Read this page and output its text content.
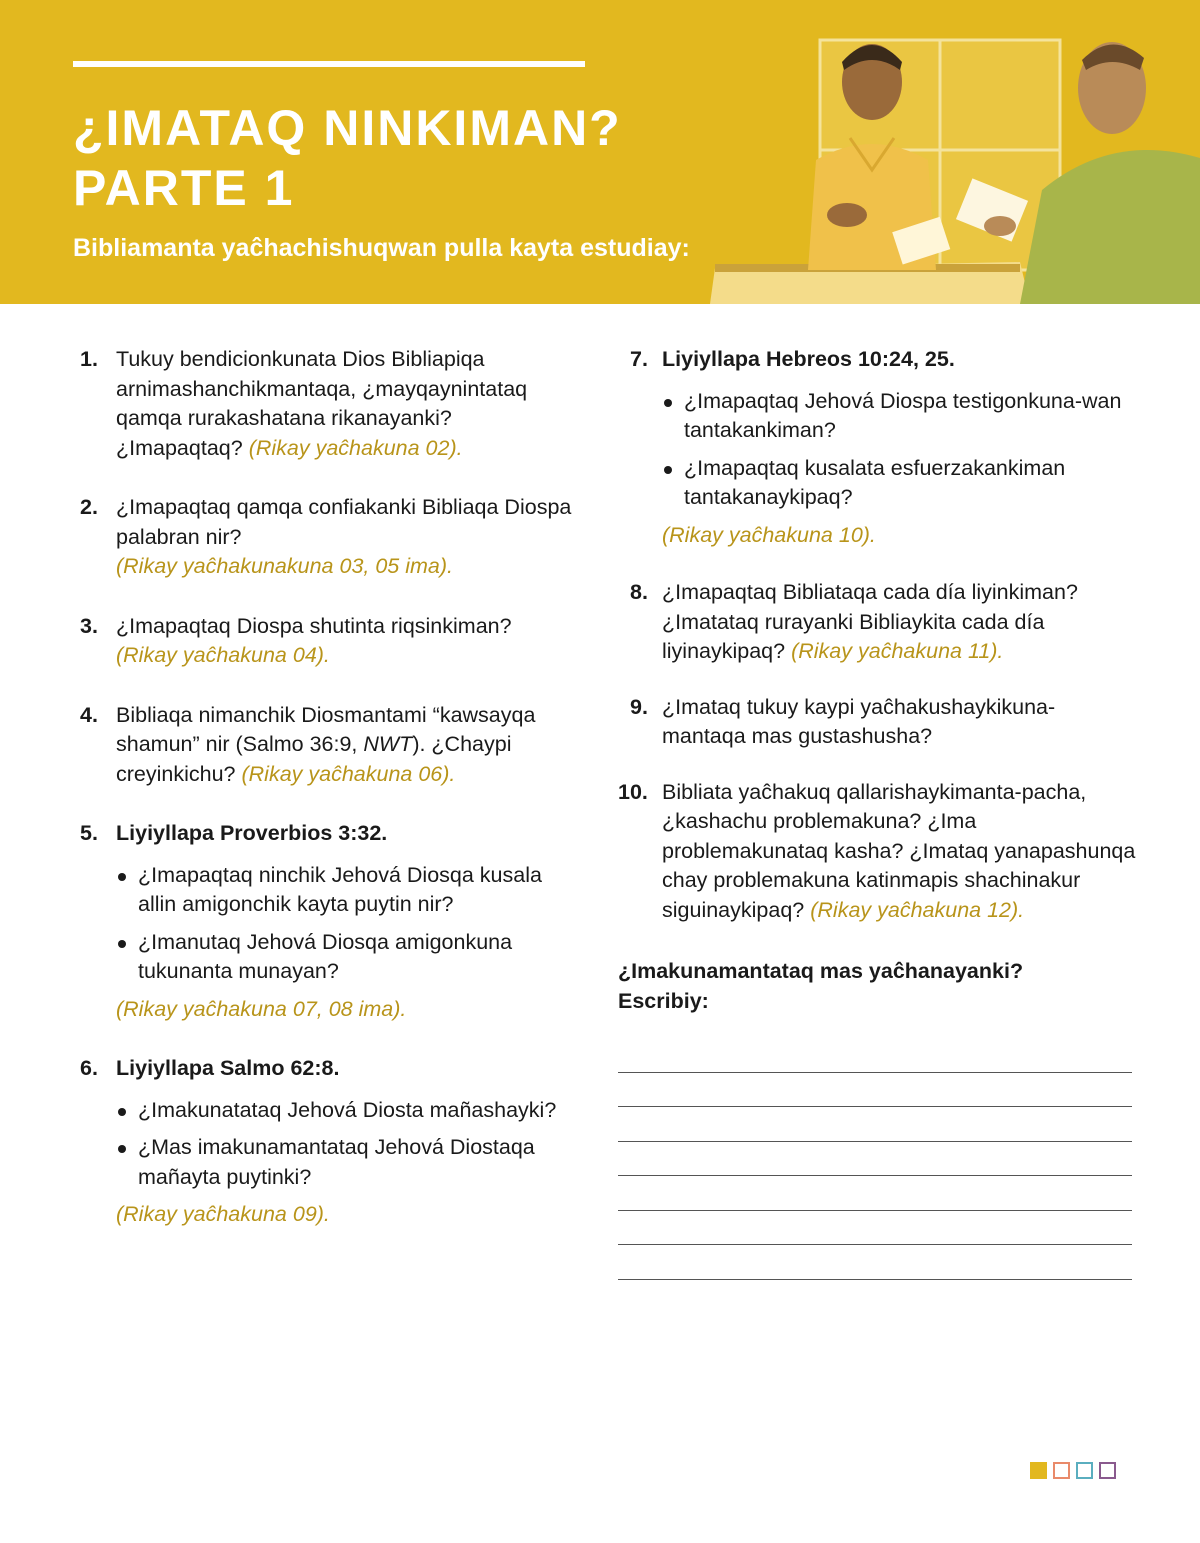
¿IMATAQ NINKIMAN?
PARTE 1

Bibliamanta yaĉhachishuqwan pulla kayta estudiay:

1. Tukuy bendicionkunata Dios Bibliapiqa arnimashanchikmantaqa, ¿mayqaynintataq qamqa rurakashatana rikanayanki? ¿Imapaqtaq? (Rikay yaĉhakuna 02).
2. ¿Imapaqtaq qamqa confiakanki Bibliaqa Diospa palabran nir?
(Rikay yaĉhakunakuna 03, 05 ima).
3. ¿Imapaqtaq Diospa shutinta riqsinkiman?
(Rikay yaĉhakuna 04).
4. Bibliaqa nimanchik Diosmantami “kawsayqa shamun” nir (Salmo 36:9, NWT). ¿Chaypi creyinkichu? (Rikay yaĉhakuna 06).
5. Liyiyllapa Proverbios 3:32.
¿Imapaqtaq ninchik Jehová Diosqa kusala allin amigonchik kayta puytin nir?
¿Imanutaq Jehová Diosqa amigonkuna tukunanta munayan?
(Rikay yaĉhakuna 07, 08 ima).
6. Liyiyllapa Salmo 62:8.
¿Imakunatataq Jehová Diosta mañashayki?
¿Mas imakunamantataq Jehová Diostaqa mañayta puytinki?
(Rikay yaĉhakuna 09).
7. Liyiyllapa Hebreos 10:24, 25.
¿Imapaqtaq Jehová Diospa testigonkuna-wan tantakankiman?
¿Imapaqtaq kusalata esfuerzakankiman tantakanaykipaq?
(Rikay yaĉhakuna 10).
8. ¿Imapaqtaq Bibliataqa cada día liyinkiman? ¿Imatataq rurayanki Bibliaykita cada día liyinaykipaq? (Rikay yaĉhakuna 11).
9. ¿Imataq tukuy kaypi yaĉhakushaykikuna-mantaqa mas gustashusha?
10. Bibliata yaĉhakuq qallarishaykimanta-pacha, ¿kashachu problemakuna? ¿Ima problemakunataq kasha? ¿Imataq yanapashunqa chay problemakuna katinmapis shachinakur siguinaykipaq? (Rikay yaĉhakuna 12).
¿Imakunamantataq mas yaĉhanayanki? Escribiy:
